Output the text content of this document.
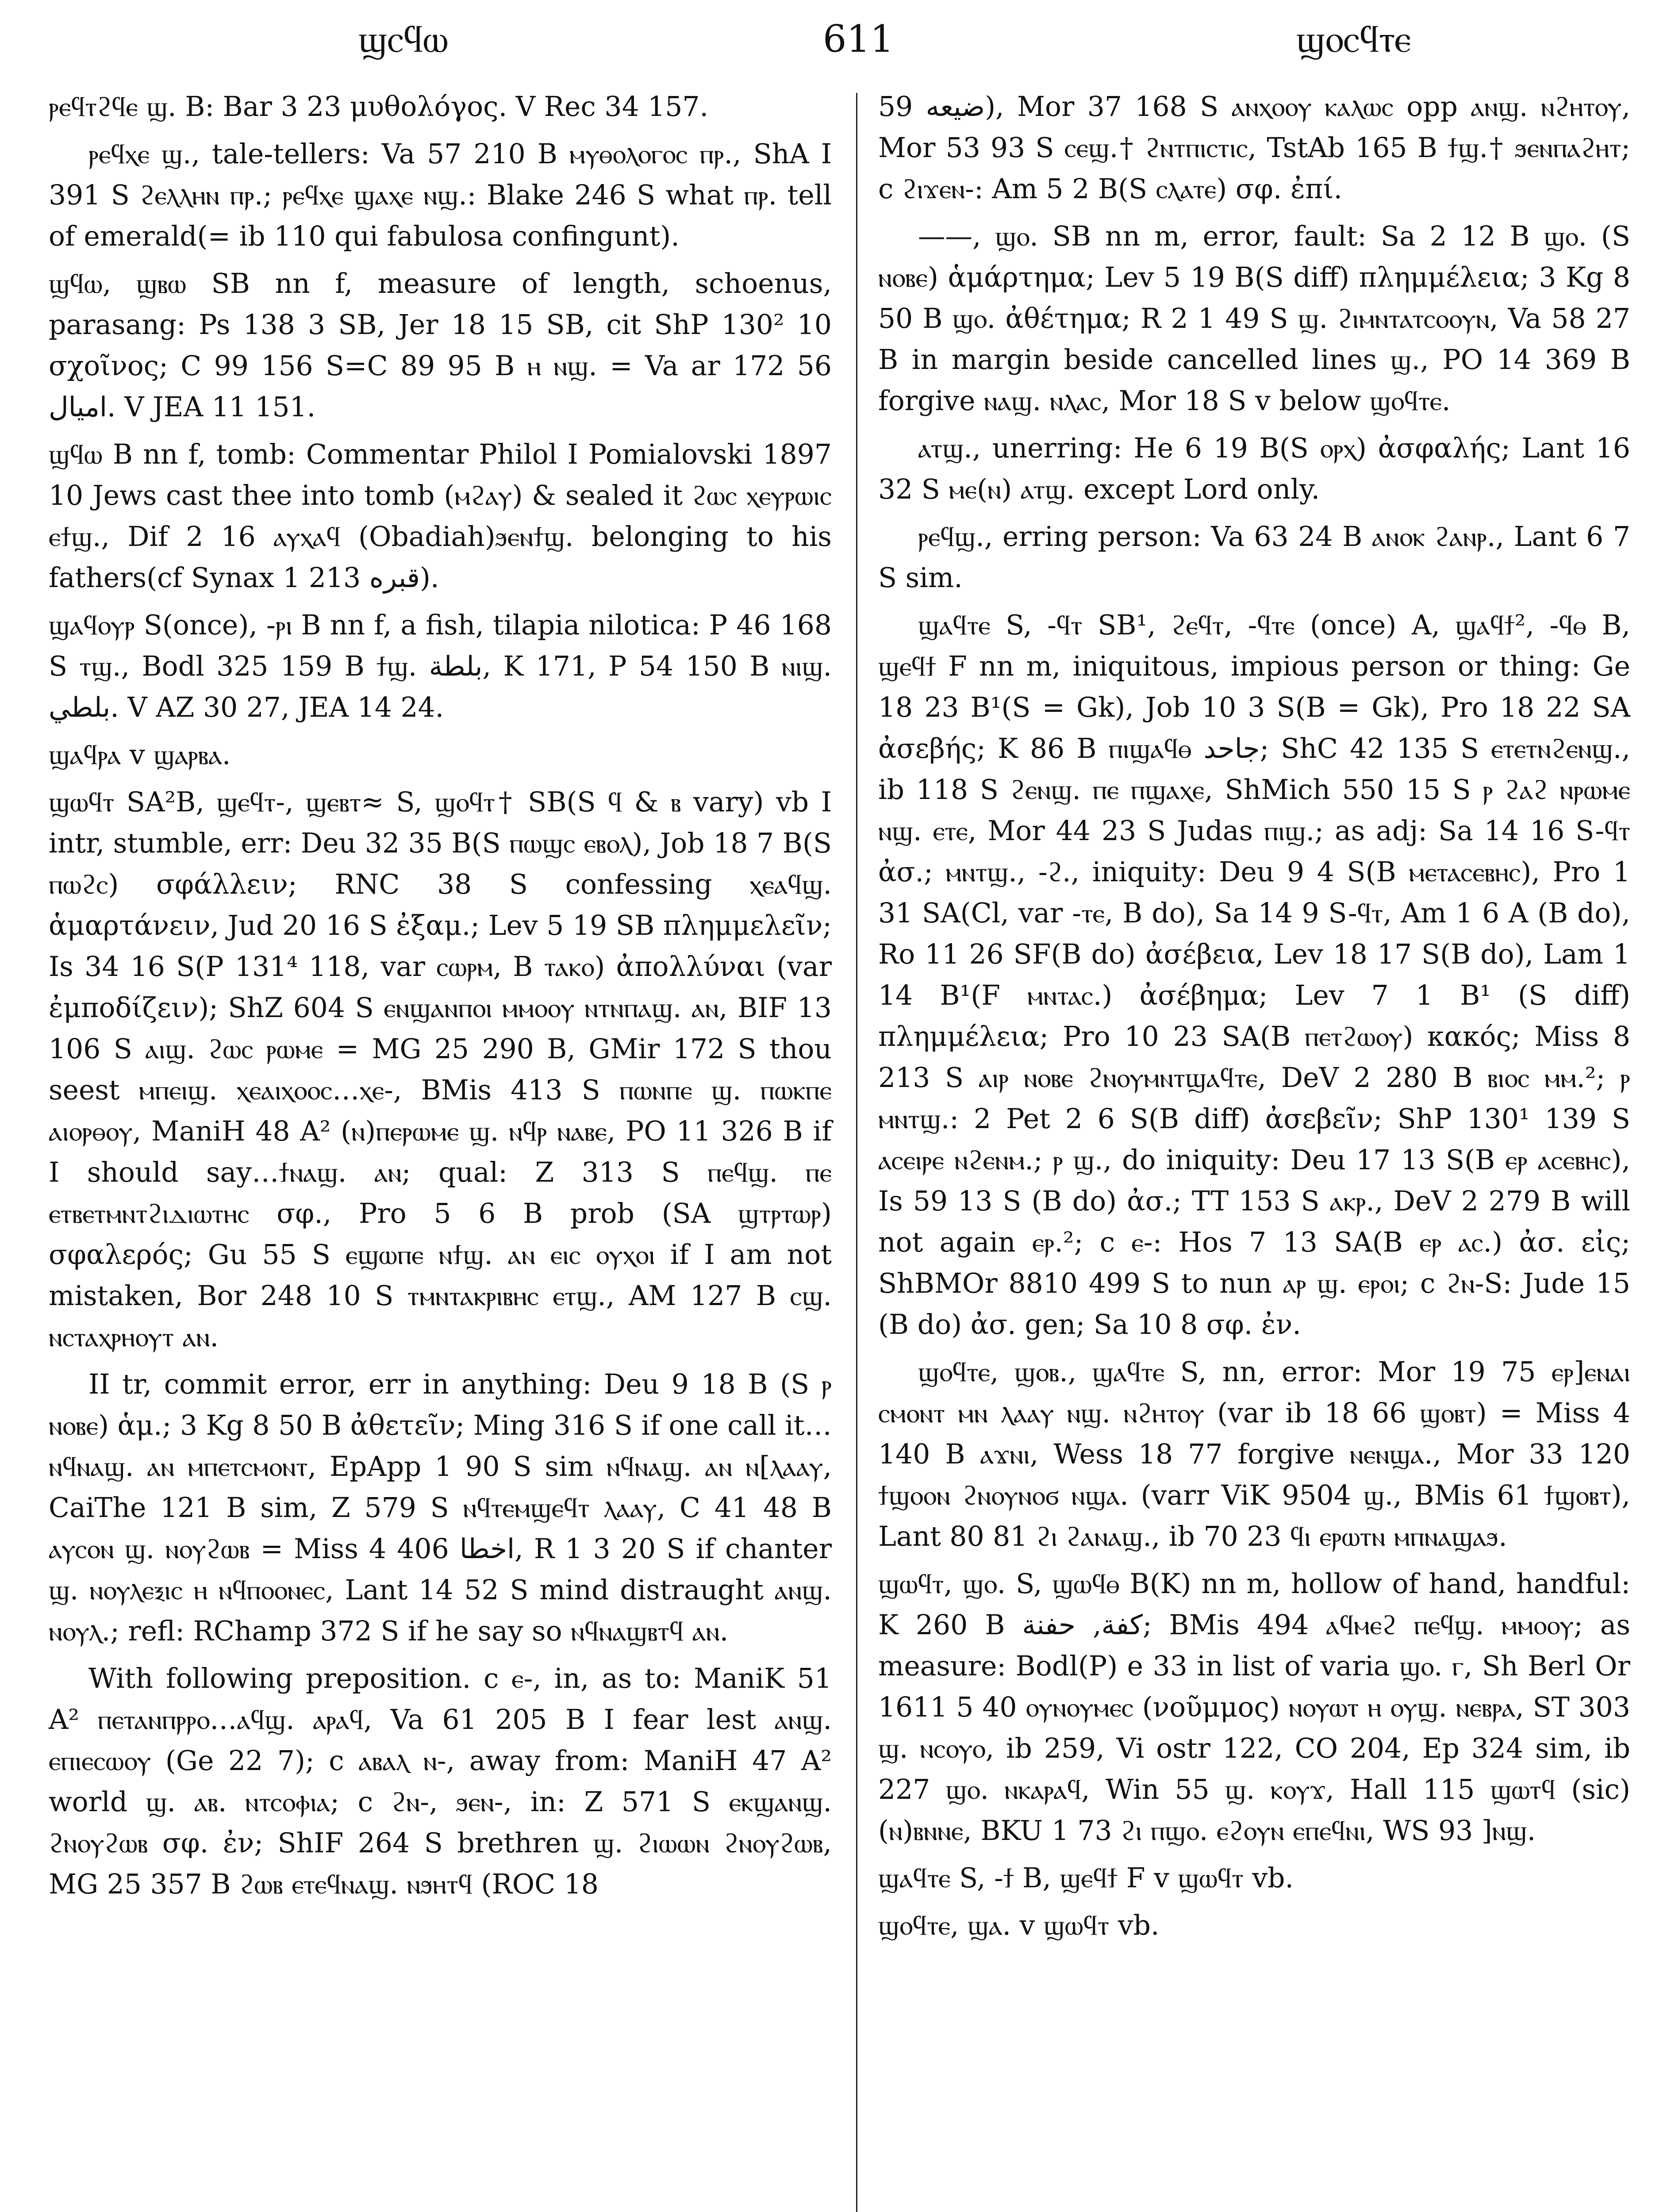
ϣⲥϥⲱ	611	ϣⲟⲥϥⲧⲉ

ⲣⲉϥⲧϩϥⲉ ϣ. B: Bar 3 23 μυθολόγος. V Rec 34 157.

ⲣⲉϥⲭⲉ ϣ., tale-tellers: Va 57 210 B ⲙⲩⲑⲟⲗⲟⲅⲟⲥ ⲡⲣ., ShA I 391 S ϩⲉⲗⲗⲏⲛ ⲡⲣ.; ⲣⲉϥⲭⲉ ϣⲁⲭⲉ ⲛϣ.: Blake 246 S what ⲡⲣ. tell of emerald(= ib 110 qui fabulosa confingunt).

ϣϥⲱ, ϣⲃⲱ SB nn f, measure of length, schoenus, parasang: Ps 138 3 SB, Jer 18 15 SB, cit ShP 130² 10 σχοῖνος; C 99 156 S=C 89 95 B ⲏ ⲛϣ. = Va ar 172 56 اميال. V JEA 11 151.

ϣϥⲱ B nn f, tomb: Commentar Philol I Pomialovski 1897 10 Jews cast thee into tomb (ⲙϩⲁⲩ) & sealed it ϩⲱⲥ ⲭⲉⲩⲣⲱⲓⲥ ⲉϯϣ., Dif 2 16 ⲁⲩⲭⲁϥ (Obadiah)ϧⲉⲛϯϣ. belonging to his fathers(cf Synax 1 213 قبره).

ϣⲁϥⲟⲩⲣ S(once), -ⲣⲓ B nn f, a fish, tilapia nilotica: P 46 168 S ⲧϣ., Bodl 325 159 B ϯϣ. بلطة, K 171, P 54 150 B ⲛⲓϣ. بلطي. V AZ 30 27, JEA 14 24.

ϣⲁϥⲣⲁ v ϣⲁⲣⲃⲁ.

ϣⲱϥⲧ SA²B, ϣⲉϥⲧ-, ϣⲉⲃⲧ≈ S, ϣⲟϥⲧ† SB(S ϥ & ⲃ vary) vb I intr, stumble, err: Deu 32 35 B(S ⲡⲱϣⲥ ⲉⲃⲟⲗ), Job 18 7 B(S ⲡⲱϩⲥ) σφάλλειν; RNC 38 S confessing ⲭⲉⲁϥϣ. ἁμαρτάνειν, Jud 20 16 S ἐξαμ.; Lev 5 19 SB πλημμελεῖν; Is 34 16 S(P 131⁴ 118, var ⲥⲱⲣⲙ, B ⲧⲁⲕⲟ) ἀπολλύναι (var ἐμποδίζειν); ShZ 604 S ⲉⲛϣⲁⲛⲡⲟⲓ ⲙⲙⲟⲟⲩ ⲛⲧⲛⲡⲁϣ. ⲁⲛ, BIF 13 106 S ⲁⲓϣ. ϩⲱⲥ ⲣⲱⲙⲉ = MG 25 290 B, GMir 172 S thou seest ⲙⲡⲉⲓϣ. ⲭⲉⲁⲓⲭⲟⲟⲥ…ⲭⲉ-, BMis 413 S ⲡⲱⲛⲡⲉ ϣ. ⲡⲱⲕⲡⲉ ⲁⲓⲟⲣⲑⲟⲩ, ManiH 48 A² (ⲛ)ⲡⲉⲣⲱⲙⲉ ϣ. ⲛϥⲣ ⲛⲁⲃⲉ, PO 11 326 B if I should say…ϯⲛⲁϣ. ⲁⲛ; qual: Z 313 S ⲡⲉϥϣ. ⲡⲉ ⲉⲧⲃⲉⲧⲙⲛⲧϩⲓⲇⲓⲱⲧⲏⲥ σφ., Pro 5 6 B prob (SA ϣⲧⲣⲧⲱⲣ) σφαλερός; Gu 55 S ⲉϣⲱⲡⲉ ⲛϯϣ. ⲁⲛ ⲉⲓⲥ ⲟⲩⲭⲟⲓ if I am not mistaken, Bor 248 10 S ⲧⲙⲛⲧⲁⲕⲣⲓⲃⲏⲥ ⲉⲧϣ., AM 127 B ⲥϣ. ⲛⲥⲧⲁⲭⲣⲏⲟⲩⲧ ⲁⲛ.

II tr, commit error, err in anything: Deu 9 18 B (S ⲣ ⲛⲟⲃⲉ) ἁμ.; 3 Kg 8 50 B ἀθετεῖν; Ming 316 S if one call it…ⲛϥⲛⲁϣ. ⲁⲛ ⲙⲡⲉⲧⲥⲙⲟⲛⲧ, EpApp 1 90 S sim ⲛϥⲛⲁϣ. ⲁⲛ ⲛ[ⲗⲁⲁⲩ, CaiThe 121 B sim, Z 579 S ⲛϥⲧⲉⲙϣⲉϥⲧ ⲗⲁⲁⲩ, C 41 48 B ⲁⲩⲥⲟⲛ ϣ. ⲛⲟⲩϩⲱⲃ = Miss 4 406 اخطا, R 1 3 20 S if chanter ϣ. ⲛⲟⲩⲗⲉⲝⲓⲥ ⲏ ⲛϥⲡⲟⲟⲛⲉⲥ, Lant 14 52 S mind distraught ⲁⲛϣ. ⲛⲟⲩⲗ.; refl: RChamp 372 S if he say so ⲛϥⲛⲁϣⲃⲧϥ ⲁⲛ.

With following preposition. c ⲉ-, in, as to: ManiK 51 A² ⲡⲉⲧⲁⲛⲡⲣⲣⲟ…ⲁϥϣ. ⲁⲣⲁϥ, Va 61 205 B I fear lest ⲁⲛϣ. ⲉⲡⲓⲉⲥⲱⲟⲩ (Ge 22 7); c ⲁⲃⲁⲗ ⲛ-, away from: ManiH 47 A² world ϣ. ⲁⲃ. ⲛⲧⲥⲟⲫⲓⲁ; c ϩⲛ-, ϧⲉⲛ-, in: Z 571 S ⲉⲕϣⲁⲛϣ. ϩⲛⲟⲩϩⲱⲃ σφ. ἐν; ShIF 264 S brethren ϣ. ϩⲓⲱⲱⲛ ϩⲛⲟⲩϩⲱⲃ, MG 25 357 B ϩⲱⲃ ⲉⲧⲉϥⲛⲁϣ. ⲛϧⲏⲧϥ (ROC 18

59 ضيعه), Mor 37 168 S ⲁⲛⲭⲟⲟⲩ ⲕⲁⲗⲱⲥ opp ⲁⲛϣ. ⲛϩⲏⲧⲟⲩ, Mor 53 93 S ⲥⲉϣ.† ϩⲛⲧⲡⲓⲥⲧⲓⲥ, TstAb 165 B ϯϣ.† ϧⲉⲛⲡⲁϩⲏⲧ; c ϩⲓϫⲉⲛ-: Am 5 2 B(S ⲥⲗⲁⲧⲉ) σφ. ἐπί.

——, ϣⲟ. SB nn m, error, fault: Sa 2 12 B ϣⲟ. (S ⲛⲟⲃⲉ) ἁμάρτημα; Lev 5 19 B(S diff) πλημμέλεια; 3 Kg 8 50 B ϣⲟ. ἀθέτημα; R 2 1 49 S ϣ. ϩⲓⲙⲛⲧⲁⲧⲥⲟⲟⲩⲛ, Va 58 27 B in margin beside cancelled lines ϣ., PO 14 369 B forgive ⲛⲁϣ. ⲛⲗⲁⲥ, Mor 18 S v below ϣⲟϥⲧⲉ.

ⲁⲧϣ., unerring: He 6 19 B(S ⲟⲣⲭ) ἀσφαλής; Lant 16 32 S ⲙⲉ(ⲛ) ⲁⲧϣ. except Lord only.

ⲣⲉϥϣ., erring person: Va 63 24 B ⲁⲛⲟⲕ ϩⲁⲛⲣ., Lant 6 7 S sim.

ϣⲁϥⲧⲉ S, -ϥⲧ SB¹, ϩⲉϥⲧ, -ϥⲧⲉ (once) A, ϣⲁϥϯ², -ϥⲑ B, ϣⲉϥϯ F nn m, iniquitous, impious person or thing: Ge 18 23 B¹(S = Gk), Job 10 3 S(B = Gk), Pro 18 22 SA ἀσεβής; K 86 B ⲡⲓϣⲁϥⲑ جاحد; ShC 42 135 S ⲉⲧⲉⲧⲛϩⲉⲛϣ., ib 118 S ϩⲉⲛϣ. ⲡⲉ ⲡϣⲁⲭⲉ, ShMich 550 15 S ⲣ ϩⲁϩ ⲛⲣⲱⲙⲉ ⲛϣ. ⲉⲧⲉ, Mor 44 23 S Judas ⲡⲓϣ.; as adj: Sa 14 16 S-ϥⲧ ἀσ.; ⲙⲛⲧϣ., -ϩ., iniquity: Deu 9 4 S(B ⲙⲉⲧⲁⲥⲉⲃⲏⲥ), Pro 1 31 SA(Cl, var -ⲧⲉ, B do), Sa 14 9 S-ϥⲧ, Am 1 6 A (B do), Ro 11 26 SF(B do) ἀσέβεια, Lev 18 17 S(B do), Lam 1 14 B¹(F ⲙⲛⲧⲁⲥ.) ἀσέβημα; Lev 7 1 B¹ (S diff) πλημμέλεια; Pro 10 23 SA(B ⲡⲉⲧϩⲱⲟⲩ) κακός; Miss 8 213 S ⲁⲓⲣ ⲛⲟⲃⲉ ϩⲛⲟⲩⲙⲛⲧϣⲁϥⲧⲉ, DeV 2 280 B ⲃⲓⲟⲥ ⲙⲙ.²; ⲣ ⲙⲛⲧϣ.: 2 Pet 2 6 S(B diff) ἀσεβεῖν; ShP 130¹ 139 S ⲁⲥⲉⲓⲣⲉ ⲛϩⲉⲛⲙ.; ⲣ ϣ., do iniquity: Deu 17 13 S(B ⲉⲣ ⲁⲥⲉⲃⲏⲥ), Is 59 13 S (B do) ἀσ.; TT 153 S ⲁⲕⲣ., DeV 2 279 B will not again ⲉⲣ.²; c ⲉ-: Hos 7 13 SA(B ⲉⲣ ⲁⲥ.) ἀσ. εἰς; ShBMOr 8810 499 S to nun ⲁⲣ ϣ. ⲉⲣⲟⲓ; c ϩⲛ-S: Jude 15 (B do) ἀσ. gen; Sa 10 8 σφ. ἐν.

ϣⲟϥⲧⲉ, ϣⲟⲃ., ϣⲁϥⲧⲉ S, nn, error: Mor 19 75 ⲉⲣ]ⲉⲛⲁⲓ ⲥⲙⲟⲛⲧ ⲙⲛ ⲗⲁⲁⲩ ⲛϣ. ⲛϩⲏⲧⲟⲩ (var ib 18 66 ϣⲟⲃⲧ) = Miss 4 140 B ⲁϫⲛⲓ, Wess 18 77 forgive ⲛⲉⲛϣⲁ., Mor 33 120 ϯϣⲟⲟⲛ ϩⲛⲟⲩⲛⲟϭ ⲛϣⲁ. (varr ViK 9504 ϣ., BMis 61 ϯϣⲟⲃⲧ), Lant 80 81 ϩⲓ ϩⲁⲛⲁϣ., ib 70 23 ϥⲓ ⲉⲣⲱⲧⲛ ⲙⲡⲛⲁϣⲁϧ.

ϣⲱϥⲧ, ϣⲟ. S, ϣⲱϥⲑ B(K) nn m, hollow of hand, handful: K 260 B كفة, حفنة; BMis 494 ⲁϥⲙⲉϩ ⲡⲉϥϣ. ⲙⲙⲟⲟⲩ; as measure: Bodl(P) e 33 in list of varia ϣⲟ. ⲅ, Sh Berl Or 1611 5 40 ⲟⲩⲛⲟⲩⲙⲉⲥ (νοῦμμος) ⲛⲟⲩⲱⲧ ⲏ ⲟⲩϣ. ⲛⲉⲃⲣⲁ, ST 303 ϣ. ⲛⲥⲟⲩⲟ, ib 259, Vi ostr 122, CO 204, Ep 324 sim, ib 227 ϣⲟ. ⲛⲕⲁⲣⲁϥ, Win 55 ϣ. ⲕⲟⲩϫ, Hall 115 ϣⲱⲧϥ (sic) (ⲛ)ⲃⲛⲛⲉ, BKU 1 73 ϩⲓ ⲡϣⲟ. ⲉϩⲟⲩⲛ ⲉⲡⲉϥⲛⲓ, WS 93 ]ⲛϣ.

ϣⲁϥⲧⲉ S, -ϯ B, ϣⲉϥϯ F v ϣⲱϥⲧ vb.

ϣⲟϥⲧⲉ, ϣⲁ. v ϣⲱϥⲧ vb.
